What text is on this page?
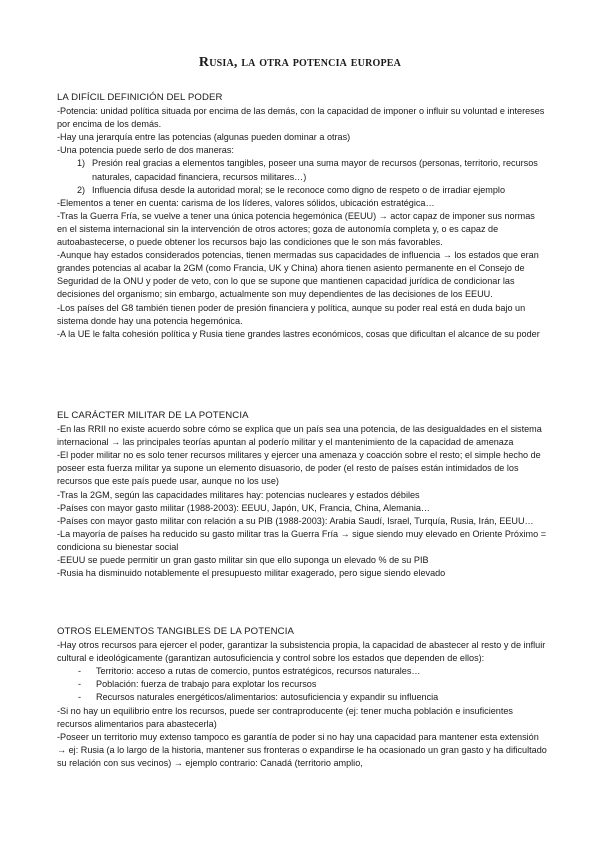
Rusia, la otra potencia europea
LA DIFÍCIL DEFINICIÓN DEL PODER

-Potencia: unidad política situada por encima de las demás, con la capacidad de imponer o influir su voluntad e intereses por encima de los demás.

-Hay una jerarquía entre las potencias (algunas pueden dominar a otras)

-Una potencia puede serlo de dos maneras:

1) Presión real gracias a elementos tangibles, poseer una suma mayor de recursos (personas, territorio, recursos naturales, capacidad financiera, recursos militares…)
2) Influencia difusa desde la autoridad moral; se le reconoce como digno de respeto o de irradiar ejemplo

-Elementos a tener en cuenta: carisma de los líderes, valores sólidos, ubicación estratégica…

-Tras la Guerra Fría, se vuelve a tener una única potencia hegemónica (EEUU) → actor capaz de imponer sus normas en el sistema internacional sin la intervención de otros actores; goza de autonomía completa y, o es capaz de autoabastecerse, o puede obtener los recursos bajo las condiciones que le son más favorables.

-Aunque hay estados considerados potencias, tienen mermadas sus capacidades de influencia → los estados que eran grandes potencias al acabar la 2GM (como Francia, UK y China) ahora tienen asiento permanente en el Consejo de Seguridad de la ONU y poder de veto, con lo que se supone que mantienen capacidad jurídica de condicionar las decisiones del organismo; sin embargo, actualmente son muy dependientes de las decisiones de los EEUU.

-Los países del G8 también tienen poder de presión financiera y política, aunque su poder real está en duda bajo un sistema donde hay una potencia hegemónica.

-A la UE le falta cohesión política y Rusia tiene grandes lastres económicos, cosas que dificultan el alcance de su poder

EL CARÁCTER MILITAR DE LA POTENCIA

-En las RRII no existe acuerdo sobre cómo se explica que un país sea una potencia, de las desigualdades en el sistema internacional → las principales teorías apuntan al poderío militar y el mantenimiento de la capacidad de amenaza

-El poder militar no es solo tener recursos militares y ejercer una amenaza y coacción sobre el resto; el simple hecho de poseer esta fuerza militar ya supone un elemento disuasorio, de poder (el resto de países están intimidados de los recursos que este país puede usar, aunque no los use)

-Tras la 2GM, según las capacidades militares hay: potencias nucleares y estados débiles

-Países con mayor gasto militar (1988-2003): EEUU, Japón, UK, Francia, China, Alemania…

-Países con mayor gasto militar con relación a su PIB (1988-2003): Arabia Saudí, Israel, Turquía, Rusia, Irán, EEUU…

-La mayoría de países ha reducido su gasto militar tras la Guerra Fría → sigue siendo muy elevado en Oriente Próximo = condiciona su bienestar social

-EEUU se puede permitir un gran gasto militar sin que ello suponga un elevado % de su PIB

-Rusia ha disminuido notablemente el presupuesto militar exagerado, pero sigue siendo elevado

OTROS ELEMENTOS TANGIBLES DE LA POTENCIA

-Hay otros recursos para ejercer el poder, garantizar la subsistencia propia, la capacidad de abastecer al resto y de influir cultural e ideológicamente (garantizan autosuficiencia y control sobre los estados que dependen de ellos):

- Territorio: acceso a rutas de comercio, puntos estratégicos, recursos naturales…
- Población: fuerza de trabajo para explotar los recursos
- Recursos naturales energéticos/alimentarios: autosuficiencia y expandir su influencia

-Si no hay un equilibrio entre los recursos, puede ser contraproducente (ej: tener mucha población e insuficientes recursos alimentarios para abastecerla)

-Poseer un territorio muy extenso tampoco es garantía de poder si no hay una capacidad para mantener esta extensión → ej: Rusia (a lo largo de la historia, mantener sus fronteras o expandirse le ha ocasionado un gran gasto y ha dificultado su relación con sus vecinos) → ejemplo contrario: Canadá (territorio amplio,
